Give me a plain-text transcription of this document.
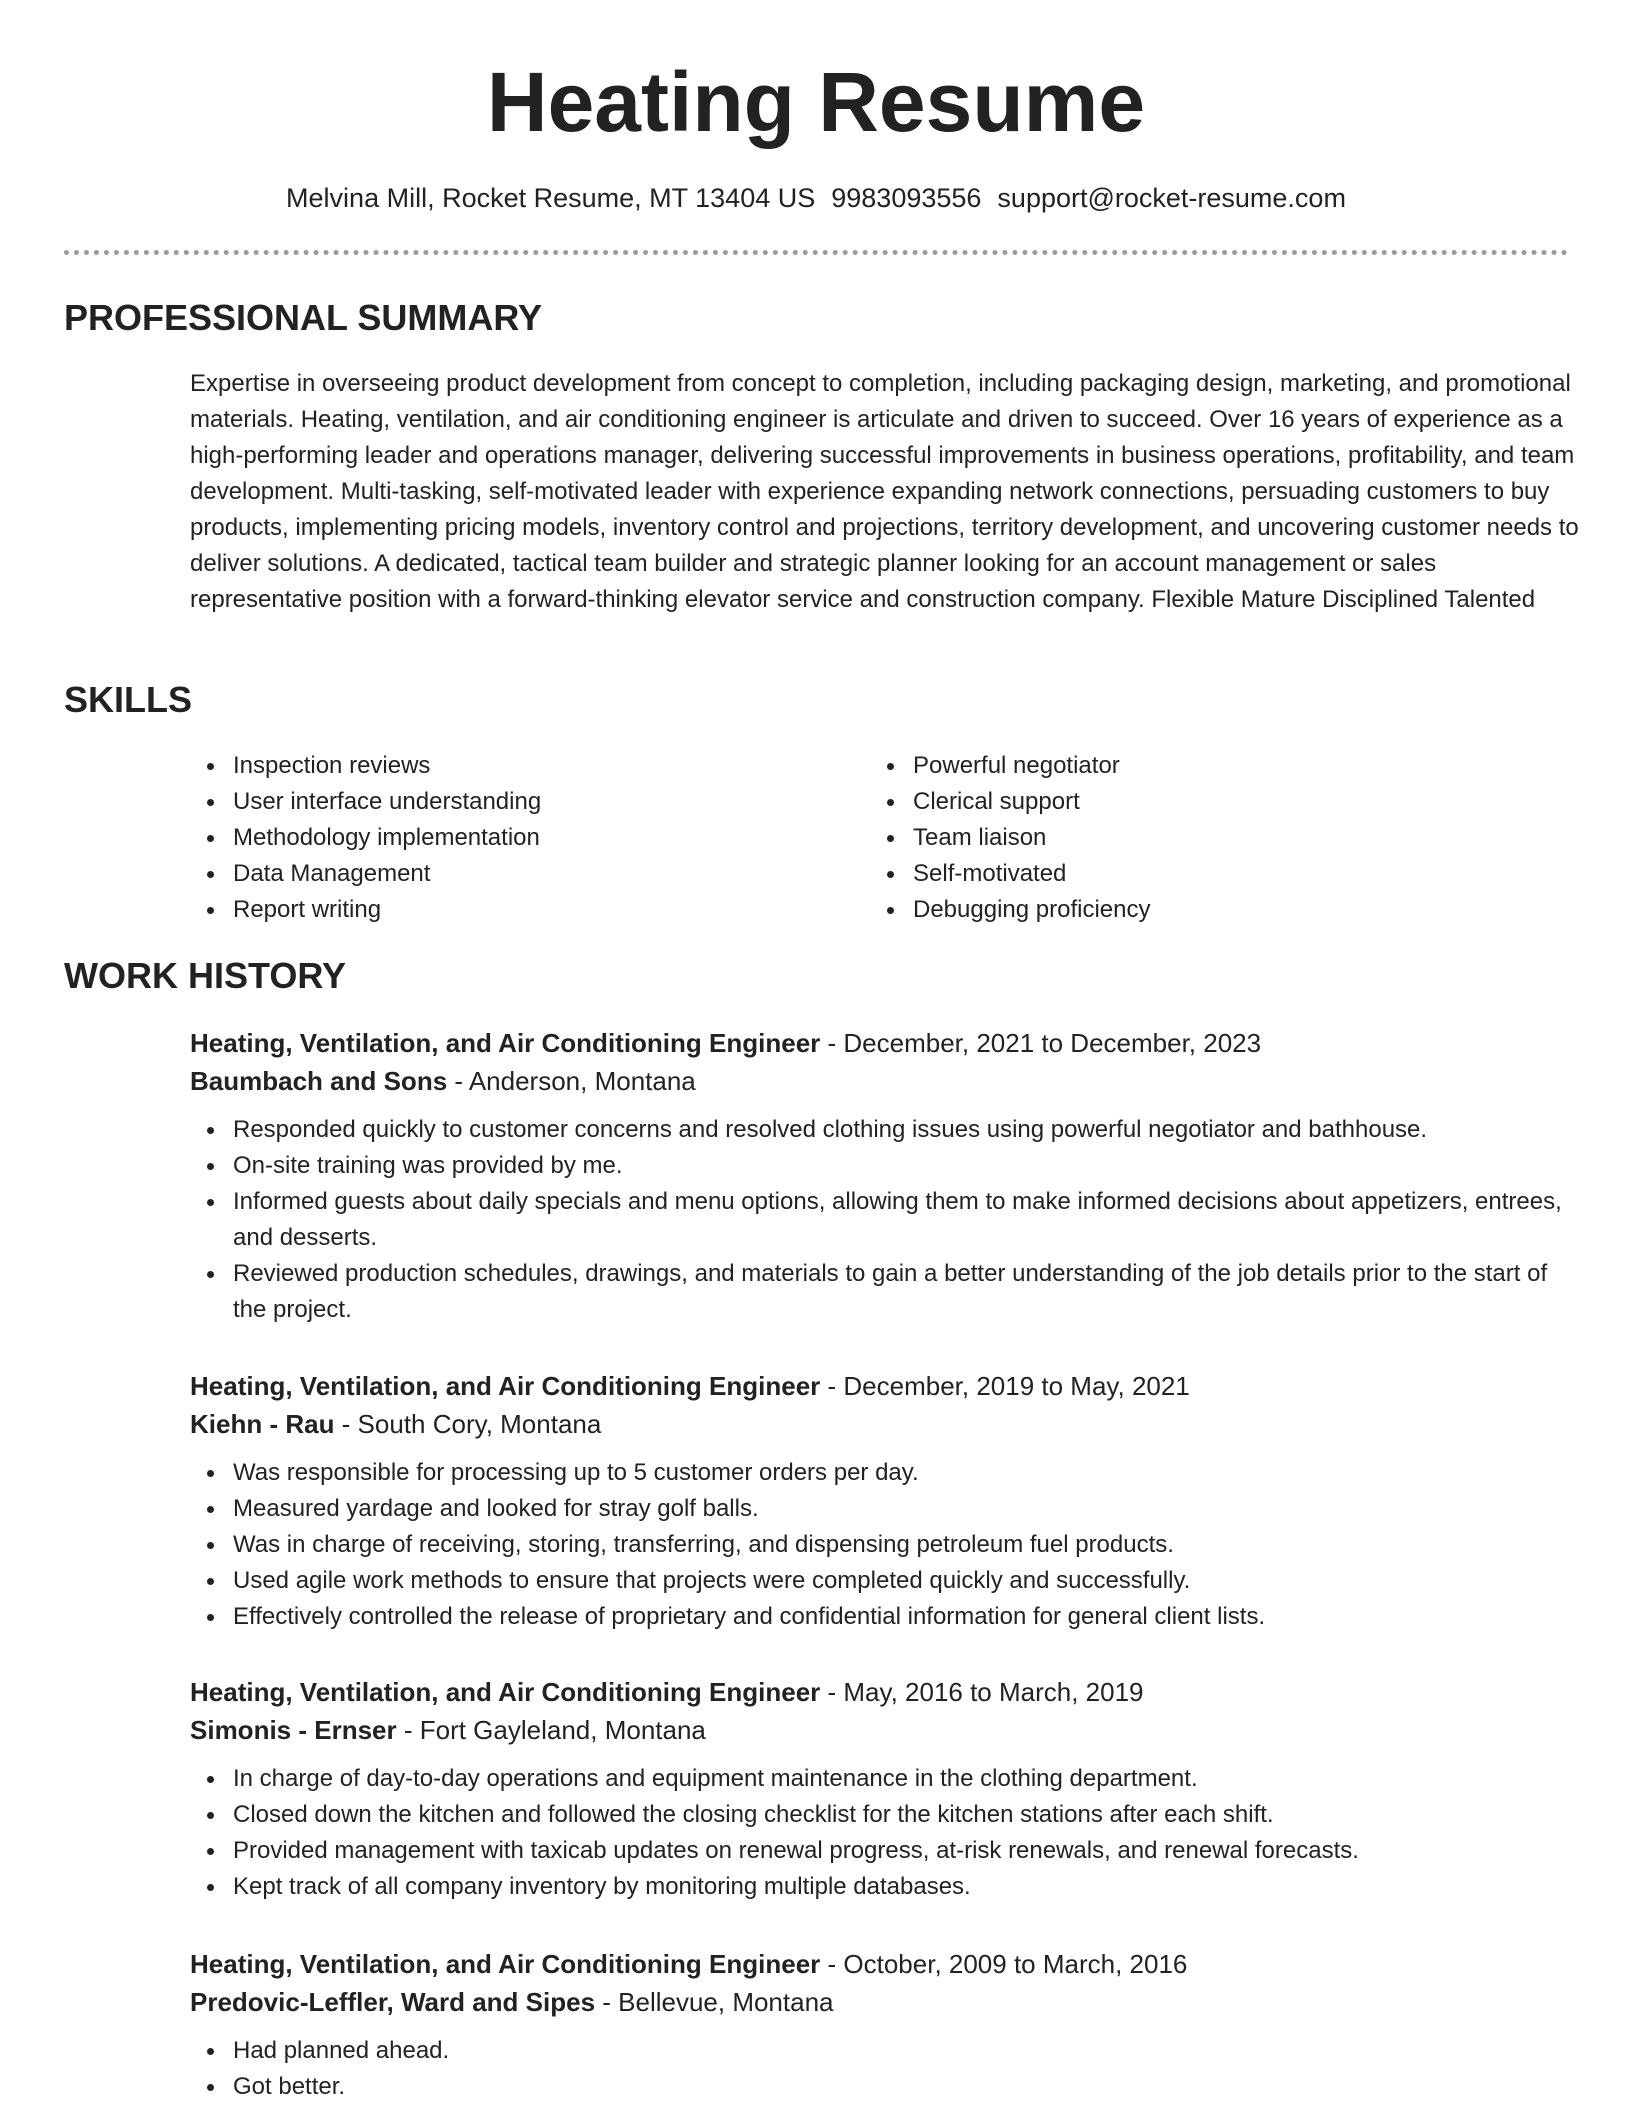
Heating Resume
Melvina Mill, Rocket Resume, MT 13404 US 9983093556 support@rocket-resume.com
PROFESSIONAL SUMMARY

Expertise in overseeing product development from concept to completion, including packaging design, marketing, and promotional materials. Heating, ventilation, and air conditioning engineer is articulate and driven to succeed. Over 16 years of experience as a high-performing leader and operations manager, delivering successful improvements in business operations, profitability, and team development. Multi-tasking, self-motivated leader with experience expanding network connections, persuading customers to buy products, implementing pricing models, inventory control and projections, territory development, and uncovering customer needs to deliver solutions. A dedicated, tactical team builder and strategic planner looking for an account management or sales representative position with a forward-thinking elevator service and construction company. Flexible Mature Disciplined Talented

SKILLS
Inspection reviews
User interface understanding
Methodology implementation
Data Management
Report writing
Powerful negotiator
Clerical support
Team liaison
Self-motivated
Debugging proficiency
WORK HISTORY
Heating, Ventilation, and Air Conditioning Engineer - December, 2021 to December, 2023
Baumbach and Sons - Anderson, Montana
Responded quickly to customer concerns and resolved clothing issues using powerful negotiator and bathhouse.
On-site training was provided by me.
Informed guests about daily specials and menu options, allowing them to make informed decisions about appetizers, entrees, and desserts.
Reviewed production schedules, drawings, and materials to gain a better understanding of the job details prior to the start of the project.
Heating, Ventilation, and Air Conditioning Engineer - December, 2019 to May, 2021
Kiehn - Rau - South Cory, Montana
Was responsible for processing up to 5 customer orders per day.
Measured yardage and looked for stray golf balls.
Was in charge of receiving, storing, transferring, and dispensing petroleum fuel products.
Used agile work methods to ensure that projects were completed quickly and successfully.
Effectively controlled the release of proprietary and confidential information for general client lists.
Heating, Ventilation, and Air Conditioning Engineer - May, 2016 to March, 2019
Simonis - Ernser - Fort Gayleland, Montana
In charge of day-to-day operations and equipment maintenance in the clothing department.
Closed down the kitchen and followed the closing checklist for the kitchen stations after each shift.
Provided management with taxicab updates on renewal progress, at-risk renewals, and renewal forecasts.
Kept track of all company inventory by monitoring multiple databases.
Heating, Ventilation, and Air Conditioning Engineer - October, 2009 to March, 2016
Predovic-Leffler, Ward and Sipes - Bellevue, Montana
Had planned ahead.
Got better.
